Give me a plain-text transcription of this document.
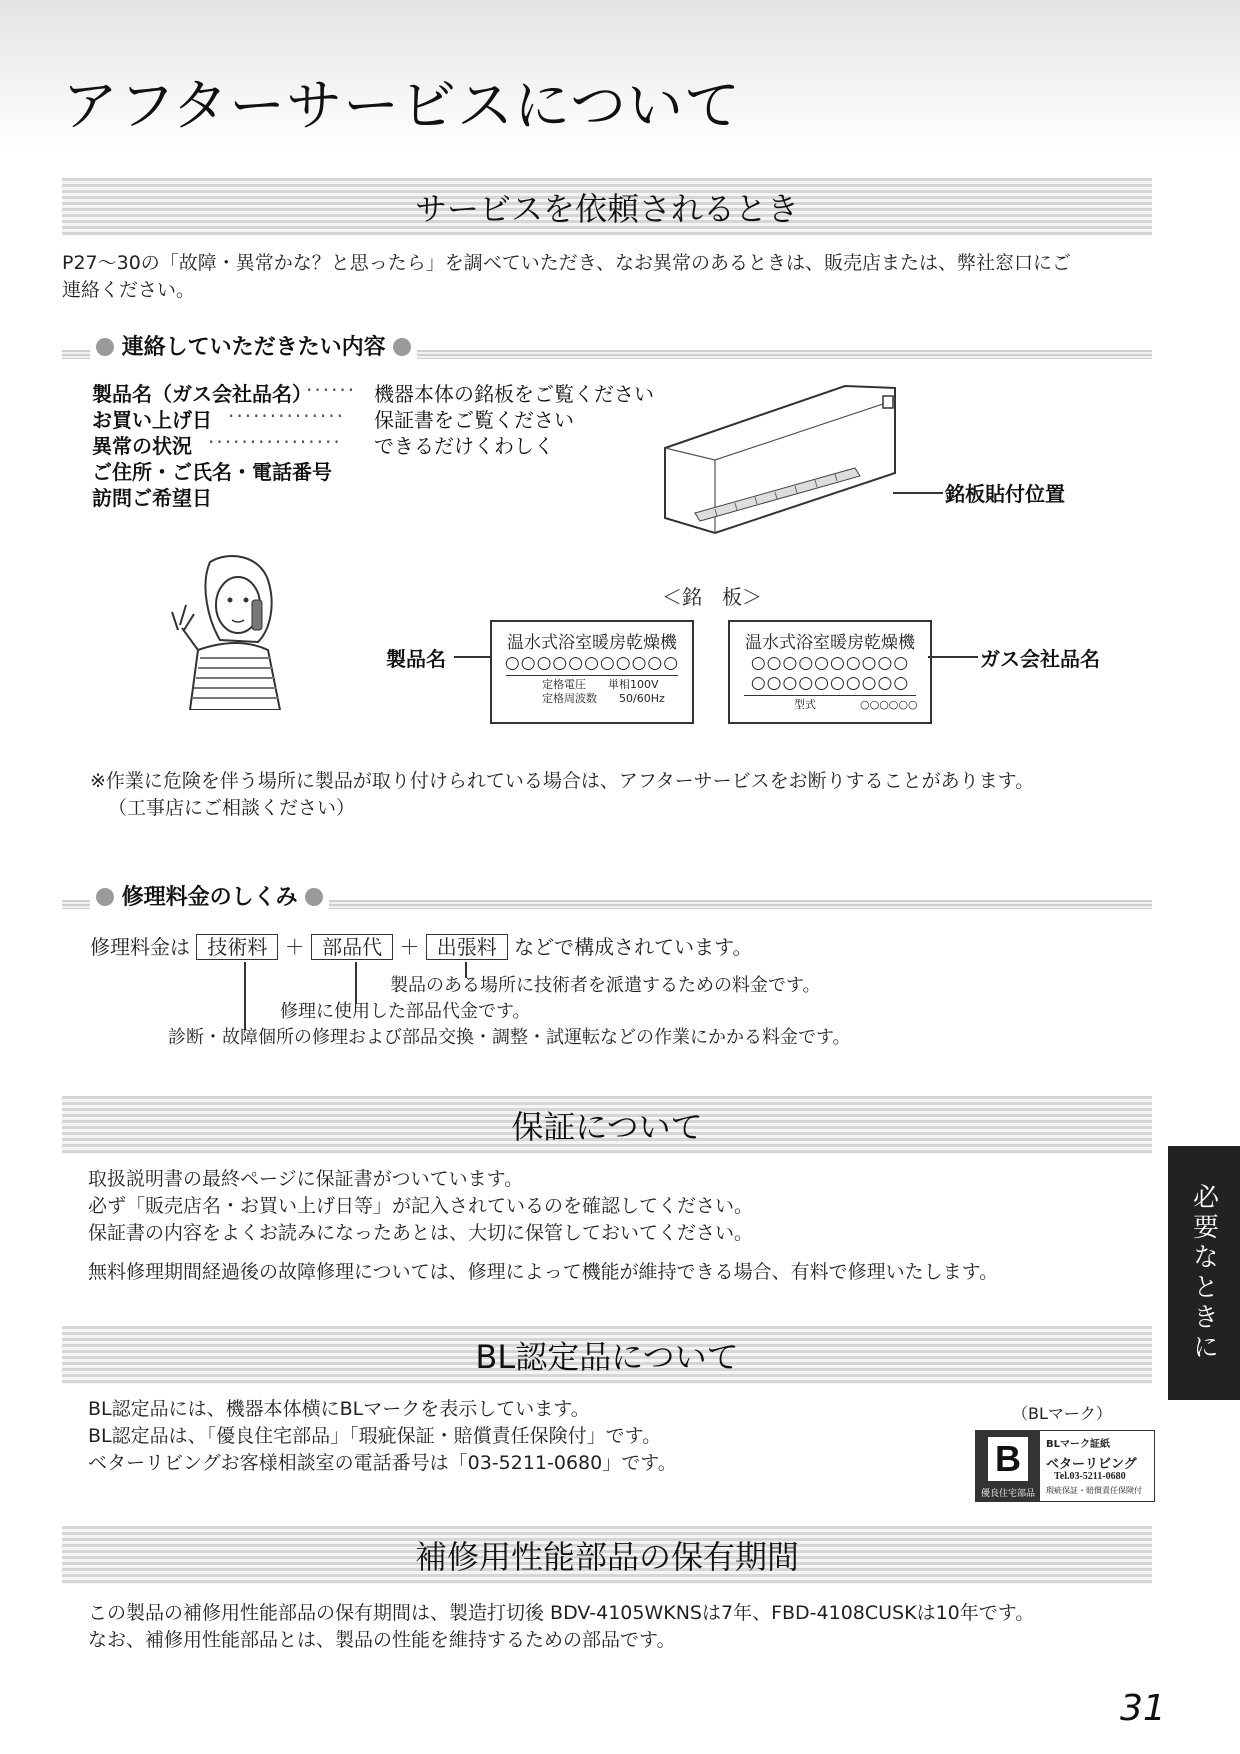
アフターサービスについて
サービスを依頼されるとき
P27～30の「故障・異常かな？と思ったら」を調べていただき、なお異常のあるときは、販売店または、弊社窓口にご
連絡ください。
連絡していただきたい内容
製品名（ガス会社品名）
······ 機器本体の銘板をご覧ください
お買い上げ日 ·············· 保証書をご覧ください
異常の状況 ················ できるだけくわしく
ご住所・ご氏名・電話番号
訪問ご希望日	銘板貼付位置
＜銘　板＞
製品名
温水式浴室暖房乾燥機
○○○○○○○○○○○
定格電圧　　 単相100V
定格周波数　　 50/60Hz
温水式浴室暖房乾燥機
○○○○○○○○○○
○○○○○○○○○○
型式　　　　	○○○○○○
ガス会社品名
※作業に危険を伴う場所に製品が取り付けられている場合は、アフターサービスをお断りすることがあります。
（工事店にご相談ください）
修理料金のしくみ
修理料金は 技術料 ＋ 部品代 ＋ 出張料 などで構成されています。
製品のある場所に技術者を派遣するための料金です。
修理に使用した部品代金です。
診断・故障個所の修理および部品交換・調整・試運転などの作業にかかる料金です。
保証について
取扱説明書の最終ページに保証書がついています。
必ず「販売店名・お買い上げ日等」が記入されているのを確認してください。
保証書の内容をよくお読みになったあとは、大切に保管しておいてください。
無料修理期間経過後の故障修理については、修理によって機能が維持できる場合、有料で修理いたします。
BL認定品について
BL認定品には、機器本体横にBLマークを表示しています。
BL認定品は、「優良住宅部品」「瑕疵保証・賠償責任保険付」です。
ベターリビングお客様相談室の電話番号は「03-5211-0680」です。
（BLマーク）
B
優良住宅部品
BLマーク証紙
ベターリビング
Tel.03-5211-0680
瑕疵保証・賠償責任保険付
補修用性能部品の保有期間
この製品の補修用性能部品の保有期間は、製造打切後 BDV-4105WKNSは7年、FBD-4108CUSKは10年です。
なお、補修用性能部品とは、製品の性能を維持するための部品です。
必要なときに
31
